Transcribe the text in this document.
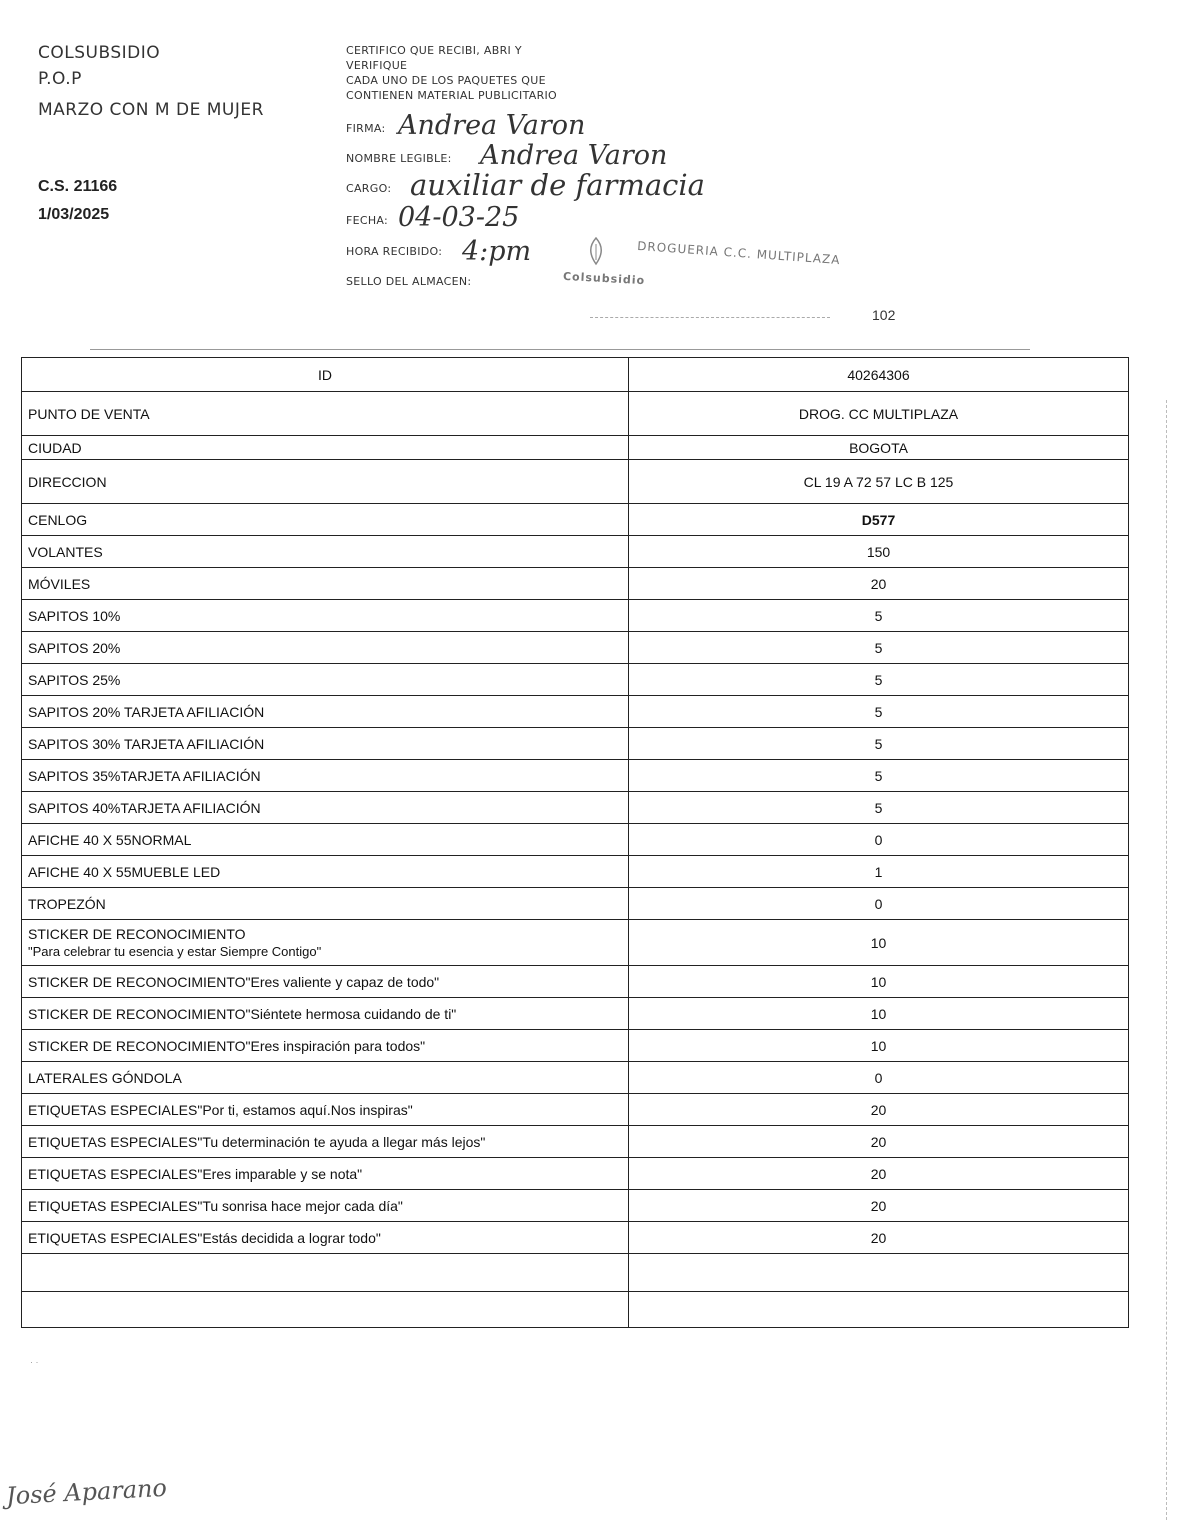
COLSUBSIDIO
P.O.P
MARZO CON M DE MUJER
C.S. 21166
1/03/2025
CERTIFICO QUE RECIBI, ABRI Y
VERIFIQUE
CADA UNO DE LOS PAQUETES QUE
CONTIENEN MATERIAL PUBLICITARIO
FIRMA: Andrea Varon
NOMBRE LEGIBLE: Andrea Varon
CARGO: auxiliar de farmacia
FECHA: 04-03-25
HORA RECIBIDO: 4:pm
SELLO DEL ALMACEN:
DROGUERIA C.C. MULTIPLAZA
Colsubsidio
102
ID	40264306
PUNTO DE VENTA	DROG. CC MULTIPLAZA
CIUDAD	BOGOTA
DIRECCION	CL 19 A 72 57 LC B 125
CENLOG	D577
VOLANTES	150
MÓVILES	20
SAPITOS 10%	5
SAPITOS 20%	5
SAPITOS 25%	5
SAPITOS 20% TARJETA AFILIACIÓN	5
SAPITOS 30% TARJETA AFILIACIÓN	5
SAPITOS 35%TARJETA AFILIACIÓN	5
SAPITOS 40%TARJETA AFILIACIÓN	5
AFICHE 40 X 55NORMAL	0
AFICHE 40 X 55MUEBLE LED	1
TROPEZÓN	0
STICKER DE RECONOCIMIENTO
"Para celebrar tu esencia y estar Siempre Contigo"	10
STICKER DE RECONOCIMIENTO"Eres valiente y capaz de todo"	10
STICKER DE RECONOCIMIENTO"Siéntete hermosa cuidando de ti"	10
STICKER DE RECONOCIMIENTO"Eres inspiración para todos"	10
LATERALES GÓNDOLA	0
ETIQUETAS ESPECIALES"Por ti, estamos aquí.Nos inspiras"	20
ETIQUETAS ESPECIALES"Tu determinación te ayuda a llegar más lejos"	20
ETIQUETAS ESPECIALES"Eres imparable y se nota"	20
ETIQUETAS ESPECIALES"Tu sonrisa hace mejor cada día"	20
ETIQUETAS ESPECIALES"Estás decidida a lograr todo"	20

· ·
José Aparano
